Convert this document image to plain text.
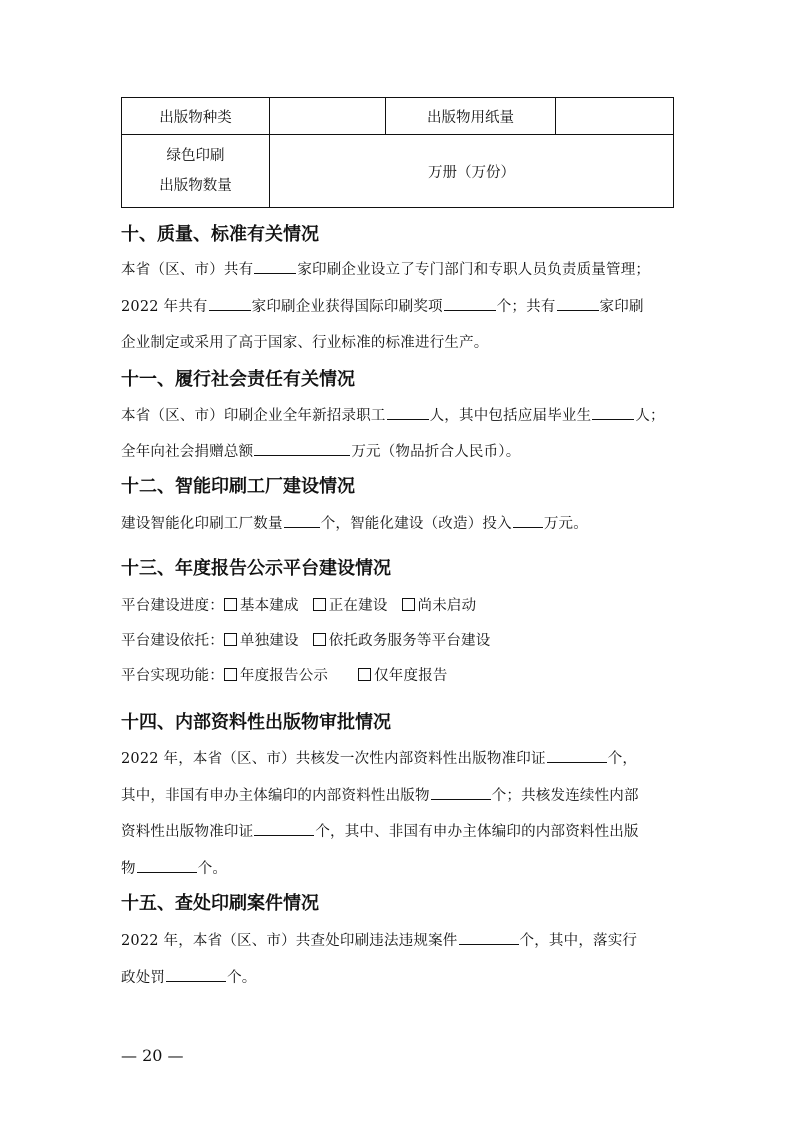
出版物种类		出版物用纸量	

绿色印刷
出版物数量	万册（万份）		
十、质量、标准有关情况
本省（区、市）共有	家印刷企业设立了专门部门和专职人员负责质量管理；
2022 年共有	家印刷企业获得国际印刷奖项	个；共有	家印刷
企业制定或采用了高于国家、行业标准的标准进行生产。
十一、履行社会责任有关情况
本省（区、市）印刷企业全年新招录职工	人，其中包括应届毕业生	人；
全年向社会捐赠总额	万元（物品折合人民币）。
十二、智能印刷工厂建设情况
建设智能化印刷工厂数量	个，智能化建设（改造）投入 万元。
十三、年度报告公示平台建设情况
平台建设进度： 基本建成 正在建设 尚未启动
平台建设依托： 单独建设 依托政务服务等平台建设
平台实现功能： 年度报告公示	仅年度报告
十四、内部资料性出版物审批情况
2022 年，本省（区、市）共核发一次性内部资料性出版物准印证	个，
其中，非国有申办主体编印的内部资料性出版物	个；共核发连续性内部
资料性出版物准印证	个，其中、非国有申办主体编印的内部资料性出版
物	个。
十五、查处印刷案件情况
2022 年，本省（区、市）共查处印刷违法违规案件	个，其中，落实行
政处罚	个。
— 20 —
